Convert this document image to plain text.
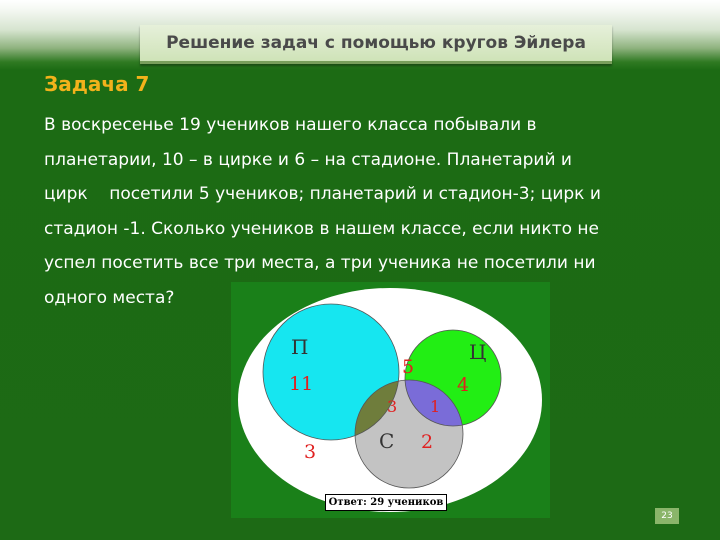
Решение задач с помощью кругов Эйлера
Задача 7
В воскресенье 19 учеников нашего класса побывали в
планетарии, 10 – в цирке и 6 – на стадионе. Планетарий и
цирк    посетили 5 учеников; планетарий и стадион-3; цирк и
стадион -1. Сколько учеников в нашем классе, если никто не
успел посетить все три места, а три ученика не посетили ни
одного места?
П	Ц
С
11
5
4
3 1
2
3
Ответ: 29 учеников
23
